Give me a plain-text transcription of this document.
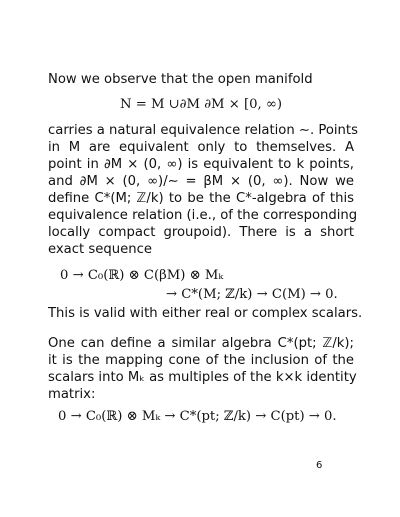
Now we observe that the open manifold
N = M ∪∂M ∂M × [0, ∞)
carries a natural equivalence relation ∼. Points
in M are equivalent only to themselves. A
point in ∂M × (0, ∞) is equivalent to k points,
and ∂M × (0, ∞)/∼ = βM × (0, ∞). Now we
define C*(M; ℤ/k) to be the C*-algebra of this
equivalence relation (i.e., of the corresponding
locally compact groupoid). There is a short
exact sequence
0 → C₀(ℝ) ⊗ C(βM) ⊗ Mₖ
→ C*(M; ℤ/k) → C(M) → 0.
This is valid with either real or complex scalars.
One can define a similar algebra C*(pt; ℤ/k);
it is the mapping cone of the inclusion of the
scalars into Mₖ as multiples of the k×k identity
matrix:
0 → C₀(ℝ) ⊗ Mₖ → C*(pt; ℤ/k) → C(pt) → 0.
6
